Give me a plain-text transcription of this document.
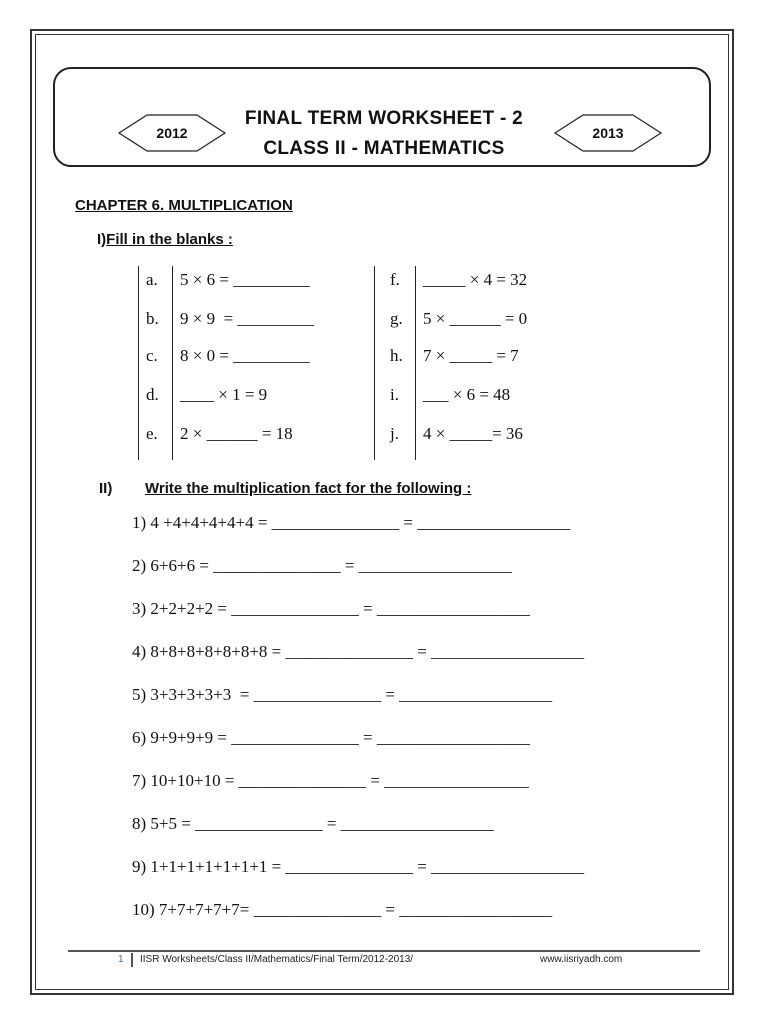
2012	2013
FINAL TERM WORKSHEET - 2
CLASS II - MATHEMATICS
CHAPTER 6. MULTIPLICATION
I)Fill in the blanks :
a. 5 × 6 = _________
b. 9 × 9  = _________
c. 8 × 0 = _________
d. ____ × 1 = 9
e. 2 × ______ = 18
f. _____ × 4 = 32
g. 5 × ______ = 0
h. 7 × _____ = 7
i. ___ × 6 = 48
j. 4 × _____= 36
II) Write the multiplication fact for the following :
1) 4 +4+4+4+4+4 = _______________ = __________________
2) 6+6+6 = _______________ = __________________
3) 2+2+2+2 = _______________ = __________________
4) 8+8+8+8+8+8+8 = _______________ = __________________
5) 3+3+3+3+3  = _______________ = __________________
6) 9+9+9+9 = _______________ = __________________
7) 10+10+10 = _______________ = _________________
8) 5+5 = _______________ = __________________
9) 1+1+1+1+1+1+1 = _______________ = __________________
10) 7+7+7+7+7= _______________ = __________________
1 IISR Worksheets/Class II/Mathematics/Final Term/2012-2013/	www.iisriyadh.com
